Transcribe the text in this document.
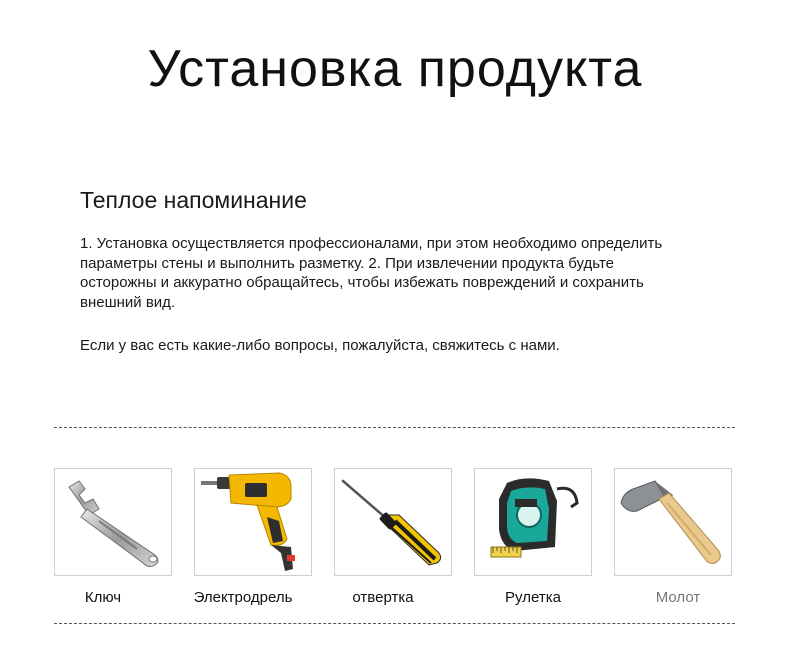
Установка продукта
Теплое напоминание
1. Установка осуществляется профессионалами, при этом необходимо определить параметры стены и выполнить разметку. 2. При извлечении продукта будьте осторожны и аккуратно обращайтесь, чтобы избежать повреждений и сохранить внешний вид.
Если у вас есть какие-либо вопросы, пожалуйста, свяжитесь с нами.
Ключ	Электродрель	отвертка	Рулетка	Молот
